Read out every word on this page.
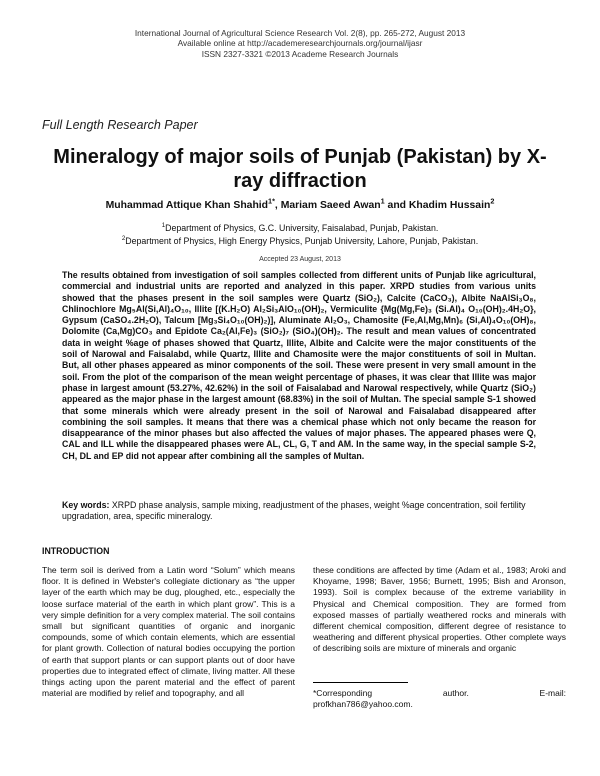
International Journal of Agricultural Science Research Vol. 2(8), pp. 265-272, August 2013
Available online at http://academeresearchjournals.org/journal/ijasr
ISSN 2327-3321 ©2013 Academe Research Journals
Full Length Research Paper
Mineralogy of major soils of Punjab (Pakistan) by X-ray diffraction
Muhammad Attique Khan Shahid$^{1*}$, Mariam Saeed Awan$^1$ and Khadim Hussain$^2$
$^1$Department of Physics, G.C. University, Faisalabad, Punjab, Pakistan.
$^2$Department of Physics, High Energy Physics, Punjab University, Lahore, Punjab, Pakistan.
Accepted 23 August, 2013
The results obtained from investigation of soil samples collected from different units of Punjab like agricultural, commercial and industrial units are reported and analyzed in this paper. XRPD studies from various units showed that the phases present in the soil samples were Quartz (SiO₂), Calcite (CaCO₃), Albite NaAlSi₃O₈, Chlinochlore Mg₅Al(Si,Al)₄O₁₀, Illite [(K.H₂O) Al₂Si₃AlO₁₀(OH)₂, Vermiculite {Mg(Mg,Fe)₃ (Si.Al)₄ O₁₀(OH)₂.4H₂O}, Gypsum (CaSO₄.2H₂O), Talcum [Mg₃Si₄O₁₀(OH)₂)], Aluminate Al₂O₃, Chamosite (Fe,Al,Mg,Mn)₆ (Si,Al)₄O₁₀(OH)₈, Dolomite (Ca,Mg)CO₃ and Epidote Ca₂(Al,Fe)₃ (SiO₂)₇ (SiO₄)(OH)₂. The result and mean values of concentrated data in weight %age of phases showed that Quartz, Illite, Albite and Calcite were the major constituents of the soil of Narowal and Faisalabd, while Quartz, Illite and Chamosite were the major constituents of soil in Multan. But, all other phases appeared as minor components of the soil. These were present in very small amount in the soil. From the plot of the comparison of the mean weight percentage of phases, it was clear that Illite was major phase in largest amount (53.27%, 42.62%) in the soil of Faisalabad and Narowal respectively, while Quartz (SiO₂) appeared as the major phase in the largest amount (68.83%) in the soil of Multan. The special sample S-1 showed that some minerals which were already present in the soil of Narowal and Faisalabad disappeared after combining the soil samples. It means that there was a chemical phase which not only became the reason for disappearance of the minor phases but also affected the values of major phases. The appeared phases were Q, CAL and ILL while the disappeared phases were AL, CL, G, T and AM. In the same way, in the special sample S-2, CH, DL and EP did not appear after combining all the samples of Multan.
Key words: XRPD phase analysis, sample mixing, readjustment of the phases, weight %age concentration, soil fertility upgradation, area, specific mineralogy.
INTRODUCTION
The term soil is derived from a Latin word “Solum” which means floor. It is defined in Webster's collegiate dictionary as “the upper layer of the earth which may be dug, ploughed, etc., especially the loose surface material of the earth in which plant grow”. This is a very simple definition for a very complex material. The soil contains small but significant quantities of organic and inorganic compounds, some of which contain elements, which are essential for plant growth. Collection of natural bodies occupying the portion of earth that support plants or can support plants out of door have properties due to integrated effect of climate, living matter. All these things acting upon the parent material and the effect of parent material are modified by relief and topography, and all
these conditions are affected by time (Adam et al., 1983; Aroki and Khoyame, 1998; Baver, 1956; Burnett, 1995; Bish and Aronson, 1993). Soil is complex because of the extreme variability in Physical and Chemical composition. They are formed from exposed masses of partially weathered rocks and minerals with different chemical composition, different degree of resistance to weathering and different physical properties. Other complete ways of describing soils are mixture of minerals and organic
*Corresponding	author.	E-mail:
profkhan786@yahoo.com.
